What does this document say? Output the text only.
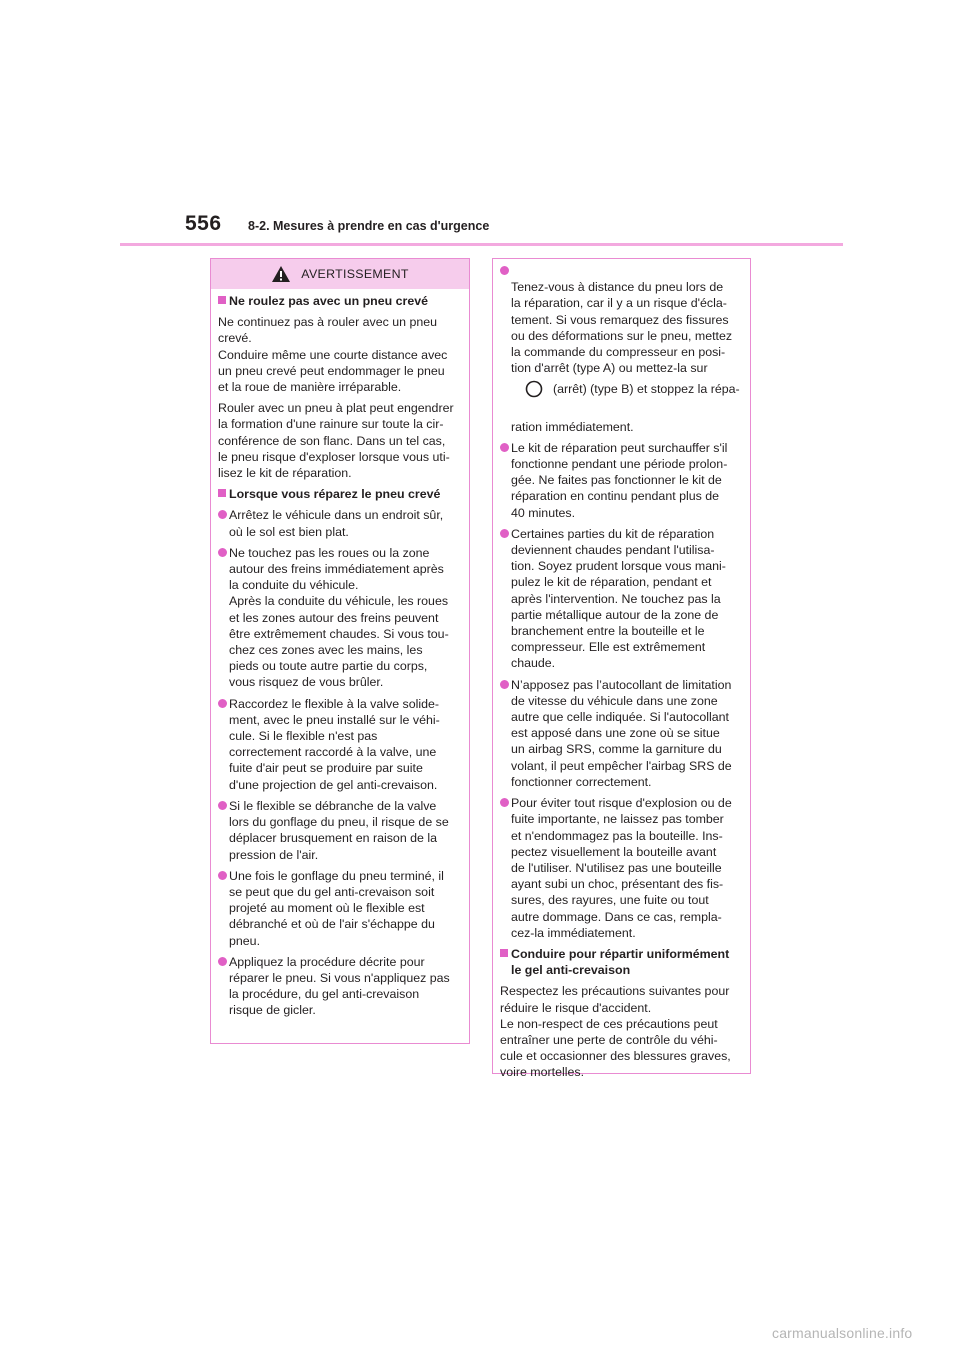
556 8-2. Mesures à prendre en cas d'urgence
AVERTISSEMENT
Ne roulez pas avec un pneu crevé

Ne continuez pas à rouler avec un pneu
crevé.
Conduire même une courte distance avec
un pneu crevé peut endommager le pneu
et la roue de manière irréparable.

Rouler avec un pneu à plat peut engendrer
la formation d'une rainure sur toute la cir-
conférence de son flanc. Dans un tel cas,
le pneu risque d'exploser lorsque vous uti-
lisez le kit de réparation.

Lorsque vous réparez le pneu crevé

Arrêtez le véhicule dans un endroit sûr,
où le sol est bien plat.

Ne touchez pas les roues ou la zone
autour des freins immédiatement après
la conduite du véhicule.
Après la conduite du véhicule, les roues
et les zones autour des freins peuvent
être extrêmement chaudes. Si vous tou-
chez ces zones avec les mains, les
pieds ou toute autre partie du corps,
vous risquez de vous brûler.

Raccordez le flexible à la valve solide-
ment, avec le pneu installé sur le véhi-
cule. Si le flexible n'est pas
correctement raccordé à la valve, une
fuite d'air peut se produire par suite
d'une projection de gel anti-crevaison.

Si le flexible se débranche de la valve
lors du gonflage du pneu, il risque de se
déplacer brusquement en raison de la
pression de l'air.

Une fois le gonflage du pneu terminé, il
se peut que du gel anti-crevaison soit
projeté au moment où le flexible est
débranché et où de l'air s'échappe du
pneu.

Appliquez la procédure décrite pour
réparer le pneu. Si vous n'appliquez pas
la procédure, du gel anti-crevaison
risque de gicler.

Tenez-vous à distance du pneu lors de
la réparation, car il y a un risque d'écla-
tement. Si vous remarquez des fissures
ou des déformations sur le pneu, mettez
la commande du compresseur en posi-
tion d'arrêt (type A) ou mettez-la sur

(arrêt) (type B) et stoppez la répa-

ration immédiatement.

Le kit de réparation peut surchauffer s'il
fonctionne pendant une période prolon-
gée. Ne faites pas fonctionner le kit de
réparation en continu pendant plus de
40 minutes.

Certaines parties du kit de réparation
deviennent chaudes pendant l'utilisa-
tion. Soyez prudent lorsque vous mani-
pulez le kit de réparation, pendant et
après l'intervention. Ne touchez pas la
partie métallique autour de la zone de
branchement entre la bouteille et le
compresseur. Elle est extrêmement
chaude.

N’apposez pas l’autocollant de limitation
de vitesse du véhicule dans une zone
autre que celle indiquée. Si l'autocollant
est apposé dans une zone où se situe
un airbag SRS, comme la garniture du
volant, il peut empêcher l'airbag SRS de
fonctionner correctement.

Pour éviter tout risque d'explosion ou de
fuite importante, ne laissez pas tomber
et n'endommagez pas la bouteille. Ins-
pectez visuellement la bouteille avant
de l'utiliser. N'utilisez pas une bouteille
ayant subi un choc, présentant des fis-
sures, des rayures, une fuite ou tout
autre dommage. Dans ce cas, rempla-
cez-la immédiatement.

Conduire pour répartir uniformément
le gel anti-crevaison

Respectez les précautions suivantes pour
réduire le risque d'accident.
Le non-respect de ces précautions peut
entraîner une perte de contrôle du véhi-
cule et occasionner des blessures graves,
voire mortelles.

carmanualsonline.info
